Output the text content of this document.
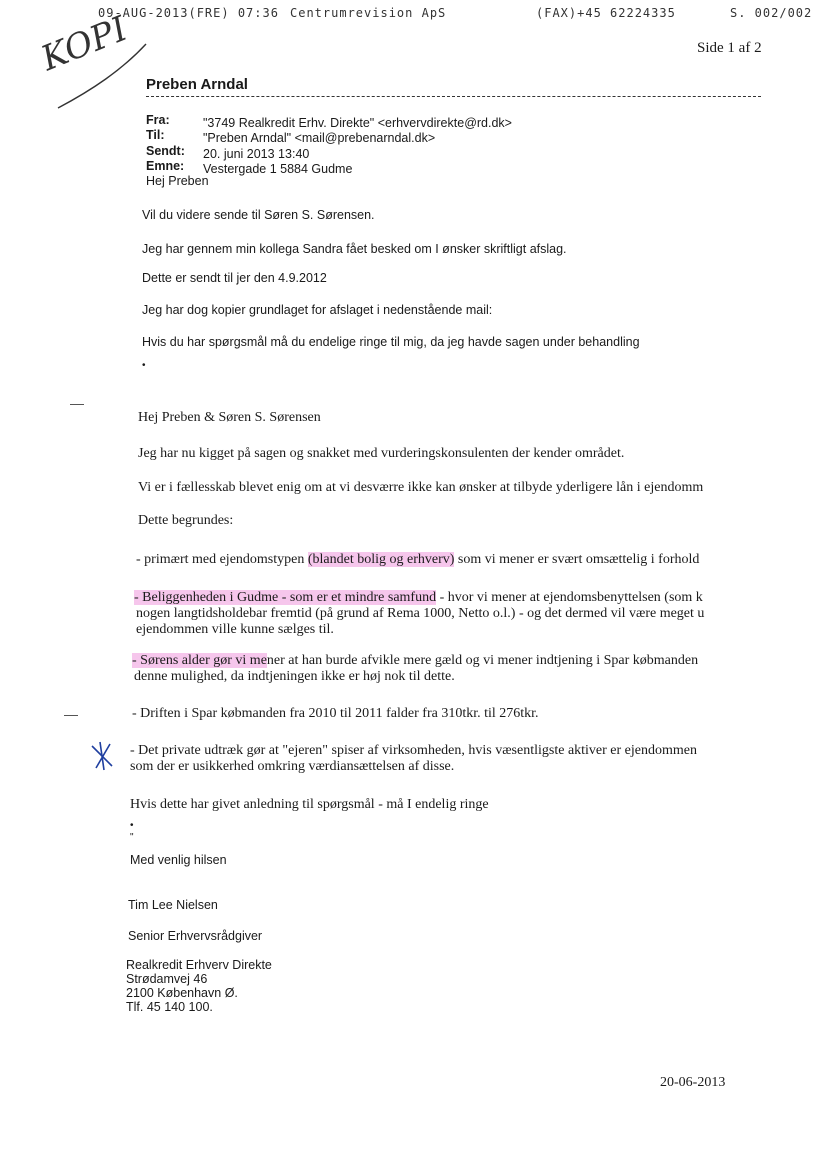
09-AUG-2013(FRE) 07:36 Centrumrevision ApS	(FAX)+45 62224335	S. 002/002
KOPI	Side 1 af 2
Preben Arndal
Fra:	"3749 Realkredit Erhv. Direkte" <erhvervdirekte@rd.dk>
Til:	"Preben Arndal" <mail@prebenarndal.dk>
Sendt: 20. juni 2013 13:40
Emne: Vestergade 1 5884 Gudme
Hej Preben
Vil du videre sende til Søren S. Sørensen.
Jeg har gennem min kollega Sandra fået besked om I ønsker skriftligt afslag.
Dette er sendt til jer den 4.9.2012
Jeg har dog kopier grundlaget for afslaget i nedenstående mail:
Hvis du har spørgsmål må du endelige ringe til mig, da jeg havde sagen under behandling
•
Hej Preben & Søren S. Sørensen
Jeg har nu kigget på sagen og snakket med vurderingskonsulenten der kender området.
Vi er i fællesskab blevet enig om at vi desværre ikke kan ønsker at tilbyde yderligere lån i ejendomm
Dette begrundes:
- primært med ejendomstypen (blandet bolig og erhverv) som vi mener er svært omsættelig i forhold
- Beliggenheden i Gudme - som er et mindre samfund - hvor vi mener at ejendomsbenyttelsen (som k
nogen langtidsholdebar fremtid (på grund af Rema 1000, Netto o.l.) - og det dermed vil være meget u
ejendommen ville kunne sælges til.
- Sørens alder gør vi mener at han burde afvikle mere gæld og vi mener indtjening i Spar købmanden
denne mulighed, da indtjeningen ikke er høj nok til dette.
- Driften i Spar købmanden fra 2010 til 2011 falder fra 310tkr. til 276tkr.
- Det private udtræk gør at "ejeren" spiser af virksomheden, hvis væsentligste aktiver er ejendommen
som der er usikkerhed omkring værdiansættelsen af disse.
Hvis dette har givet anledning til spørgsmål - må I endelig ringe
•
"
Med venlig hilsen
Tim Lee Nielsen
Senior Erhvervsrådgiver
Realkredit Erhverv Direkte
Strødamvej 46
2100 København Ø.
Tlf. 45 140 100.
20-06-2013
